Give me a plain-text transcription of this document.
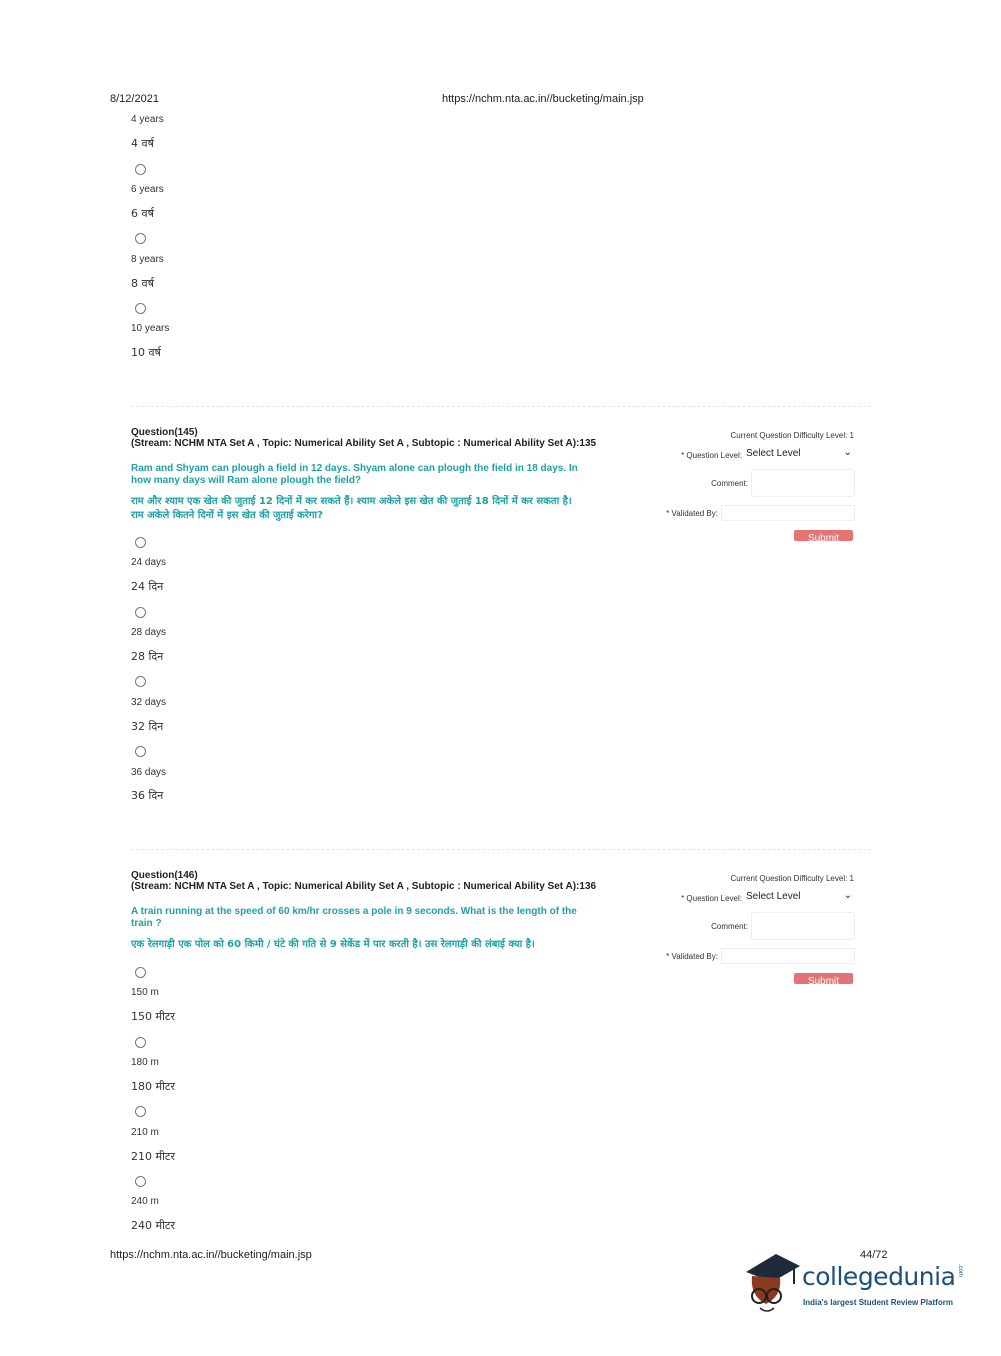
8/12/2021	https://nchm.nta.ac.in//bucketing/main.jsp
4 years
4 वर्ष
6 years
6 वर्ष
8 years
8 वर्ष
10 years
10 वर्ष
Question(145)
(Stream: NCHM NTA Set A , Topic: Numerical Ability Set A , Subtopic : Numerical Ability Set A):135
Ram and Shyam can plough a field in 12 days. Shyam alone can plough the field in 18 days. In how many days will Ram alone plough the field?
राम और श्याम एक खेत की जुताई 12 दिनों में कर सकते हैं। श्याम अकेले इस खेत की जुताई 18 दिनों में कर सकता है। राम अकेले कितने दिनों में इस खेत की जुताई करेगा?
24 days
24 दिन
28 days
28 दिन
32 days
32 दिन
36 days
36 दिन
Current Question Difficulty Level: 1
* Question Level: Select Level	⌄
Comment:
* Validated By:
Submit
Question(146)
(Stream: NCHM NTA Set A , Topic: Numerical Ability Set A , Subtopic : Numerical Ability Set A):136
A train running at the speed of 60 km/hr crosses a pole in 9 seconds. What is the length of the train ?
एक रेलगाड़ी एक पोल को 60 किमी / घंटे की गति से 9 सेकेंड में पार करती है। उस रेलगाड़ी की लंबाई क्या है।
150 m
150 मीटर
180 m
180 मीटर
210 m
210 मीटर
240 m
240 मीटर
Current Question Difficulty Level: 1
* Question Level: Select Level	⌄
Comment:
* Validated By:
Submit
https://nchm.nta.ac.in//bucketing/main.jsp	44/72
collegedunia .com
India's largest Student Review Platform
